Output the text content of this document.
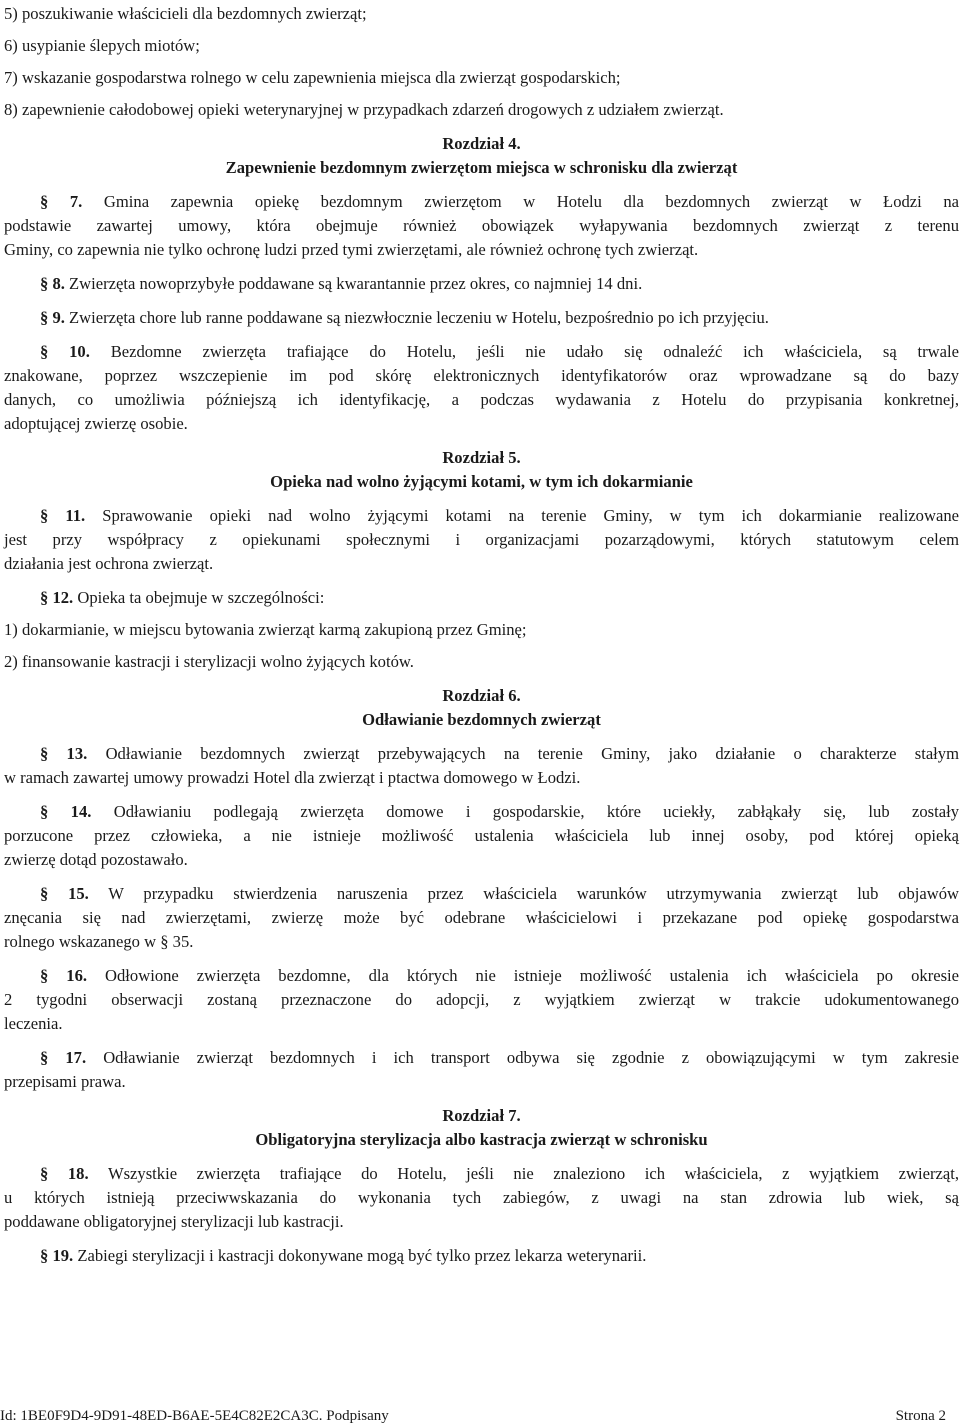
5) poszukiwanie właścicieli dla bezdomnych zwierząt;

6) usypianie ślepych miotów;

7) wskazanie gospodarstwa rolnego w celu zapewnienia miejsca dla zwierząt gospodarskich;

8) zapewnienie całodobowej opieki weterynaryjnej w przypadkach zdarzeń drogowych z udziałem zwierząt.

Rozdział 4.

Zapewnienie bezdomnym zwierzętom miejsca w schronisku dla zwierząt

§ 7. Gmina zapewnia opiekę bezdomnym zwierzętom w Hotelu dla bezdomnych zwierząt w Łodzi na

podstawie zawartej umowy, która obejmuje również obowiązek wyłapywania bezdomnych zwierząt z terenu

Gminy, co zapewnia nie tylko ochronę ludzi przed tymi zwierzętami, ale również ochronę tych zwierząt.

§ 8. Zwierzęta nowoprzybyłe poddawane są kwarantannie przez okres, co najmniej 14 dni.

§ 9. Zwierzęta chore lub ranne poddawane są niezwłocznie leczeniu w Hotelu, bezpośrednio po ich przyjęciu.

§ 10. Bezdomne zwierzęta trafiające do Hotelu, jeśli nie udało się odnaleźć ich właściciela, są trwale

znakowane, poprzez wszczepienie im pod skórę elektronicznych identyfikatorów oraz wprowadzane są do bazy

danych, co umożliwia późniejszą ich identyfikację, a podczas wydawania z Hotelu do przypisania konkretnej,

adoptującej zwierzę osobie.

Rozdział 5.

Opieka nad wolno żyjącymi kotami, w tym ich dokarmianie

§ 11. Sprawowanie opieki nad wolno żyjącymi kotami na terenie Gminy, w tym ich dokarmianie realizowane

jest przy współpracy z opiekunami społecznymi i organizacjami pozarządowymi, których statutowym celem

działania jest ochrona zwierząt.

§ 12. Opieka ta obejmuje w szczególności:

1) dokarmianie, w miejscu bytowania zwierząt karmą zakupioną przez Gminę;

2) finansowanie kastracji i sterylizacji wolno żyjących kotów.

Rozdział 6.

Odławianie bezdomnych zwierząt

§ 13. Odławianie bezdomnych zwierząt przebywających na terenie Gminy, jako działanie o charakterze stałym

w ramach zawartej umowy prowadzi Hotel dla zwierząt i ptactwa domowego w Łodzi.

§ 14. Odławianiu podlegają zwierzęta domowe i gospodarskie, które uciekły, zabłąkały się, lub zostały

porzucone przez człowieka, a nie istnieje możliwość ustalenia właściciela lub innej osoby, pod której opieką

zwierzę dotąd pozostawało.

§ 15. W przypadku stwierdzenia naruszenia przez właściciela warunków utrzymywania zwierząt lub objawów

znęcania się nad zwierzętami, zwierzę może być odebrane właścicielowi i przekazane pod opiekę gospodarstwa

rolnego wskazanego w § 35.

§ 16. Odłowione zwierzęta bezdomne, dla których nie istnieje możliwość ustalenia ich właściciela po okresie

2 tygodni obserwacji zostaną przeznaczone do adopcji, z wyjątkiem zwierząt w trakcie udokumentowanego

leczenia.

§ 17. Odławianie zwierząt bezdomnych i ich transport odbywa się zgodnie z obowiązującymi w tym zakresie

przepisami prawa.

Rozdział 7.

Obligatoryjna sterylizacja albo kastracja zwierząt w schronisku

§ 18. Wszystkie zwierzęta trafiające do Hotelu, jeśli nie znaleziono ich właściciela, z wyjątkiem zwierząt,

u których istnieją przeciwwskazania do wykonania tych zabiegów, z uwagi na stan zdrowia lub wiek, są

poddawane obligatoryjnej sterylizacji lub kastracji.

§ 19. Zabiegi sterylizacji i kastracji dokonywane mogą być tylko przez lekarza weterynarii.

Id: 1BE0F9D4-9D91-48ED-B6AE-5E4C82E2CA3C. Podpisany	Strona 2
